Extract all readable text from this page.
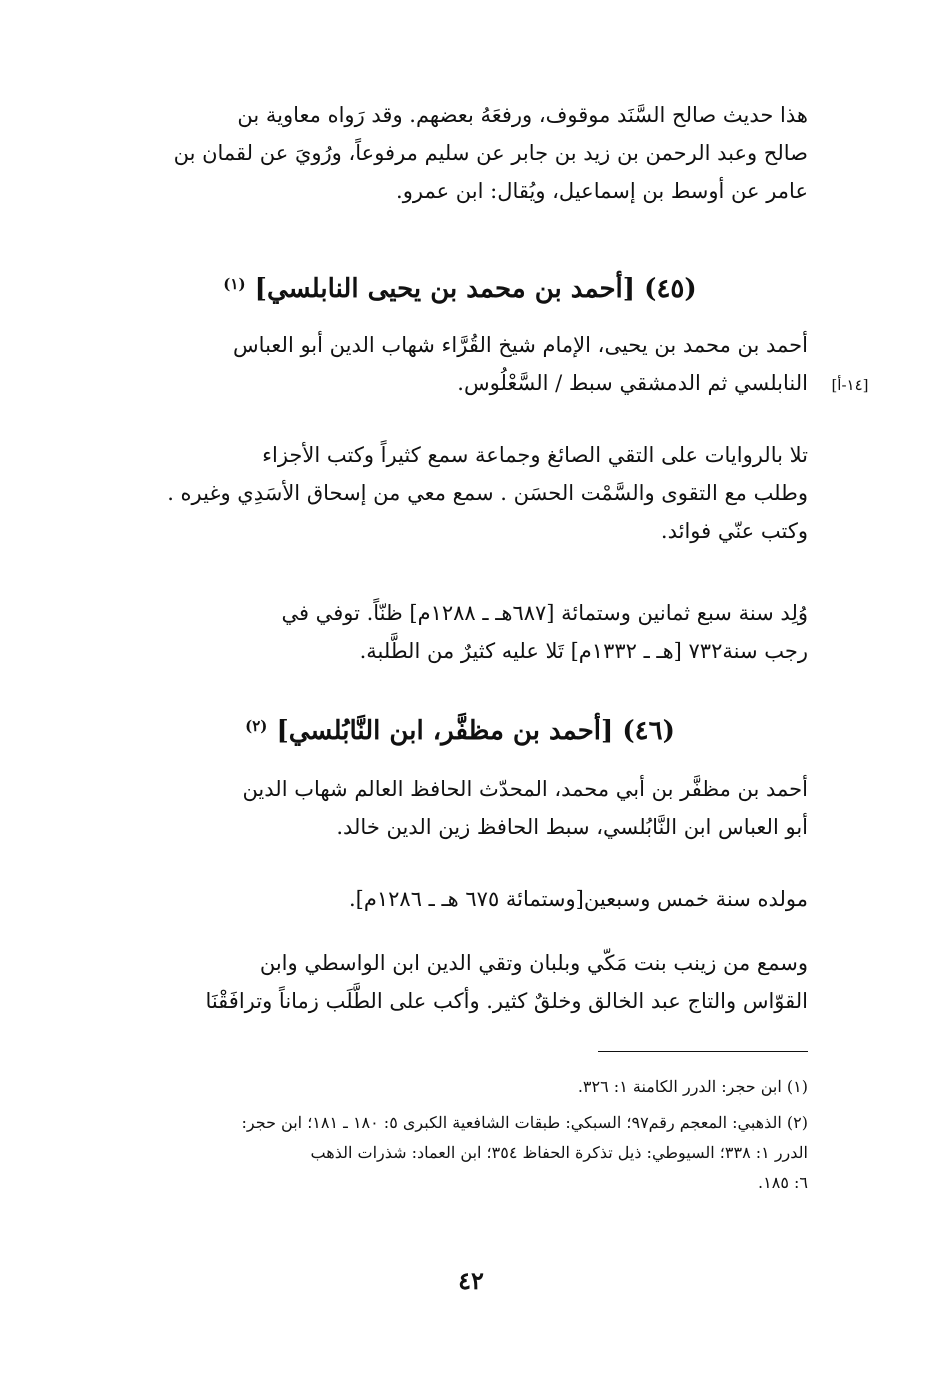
هذا حديث صالح السَّنَد موقوف، ورفعَهُ بعضهم. وقد رَواه معاوية بن
صالح وعبد الرحمن بن زيد بن جابر عن سليم مرفوعاً، ورُويَ عن لقمان بن
عامر عن أوسط بن إسماعيل، ويُقال: ابن عمرو.
(٤٥) [أحمد بن محمد بن يحيى النابلسي] $^{(١)}$
أحمد بن محمد بن يحيى، الإمام شيخ القُرَّاء شهاب الدين أبو العباس
النابلسي ثم الدمشقي سبط / السَّعْلُوس.	[١٤-أ]
تلا بالروايات على التقي الصائغ وجماعة سمع كثيراً وكتب الأجزاء
وطلب مع التقوى والسَّمْت الحسَن . سمع معي من إسحاق الأسَدِي وغيره .
وكتب عنّي فوائد.
وُلِد سنة سبع ثمانين وستمائة [٦٨٧هـ ـ ١٢٨٨م] ظنّاً. توفي في
رجب سنة٧٣٢ [هـ ـ ١٣٣٢م] تَلا عليه كثيرٌ من الطَّلبة.
(٤٦) [أحمد بن مظفَّر، ابن النَّابُلسي] $^{(٢)}$
أحمد بن مظفَّر بن أبي محمد، المحدّث الحافظ العالم شهاب الدين
أبو العباس ابن النَّابُلسي، سبط الحافظ زين الدين خالد.
مولده سنة خمس وسبعين[وستمائة ٦٧٥ هـ ـ ١٢٨٦م].
وسمع من زينب بنت مَكّي وبلبان وتقي الدين ابن الواسطي وابن
القوّاس والتاج عبد الخالق وخلقٌ كثير. وأكب على الطَّلَب زماناً وترافَقْنَا
(١) ابن حجر: الدرر الكامنة ١: ٣٢٦.
(٢) الذهبي: المعجم رقم٩٧؛ السبكي: طبقات الشافعية الكبرى ٥: ١٨٠ ـ ١٨١؛ ابن حجر:
الدرر ١: ٣٣٨؛ السيوطي: ذيل تذكرة الحفاظ ٣٥٤؛ ابن العماد: شذرات الذهب
٦: ١٨٥.
٤٢
